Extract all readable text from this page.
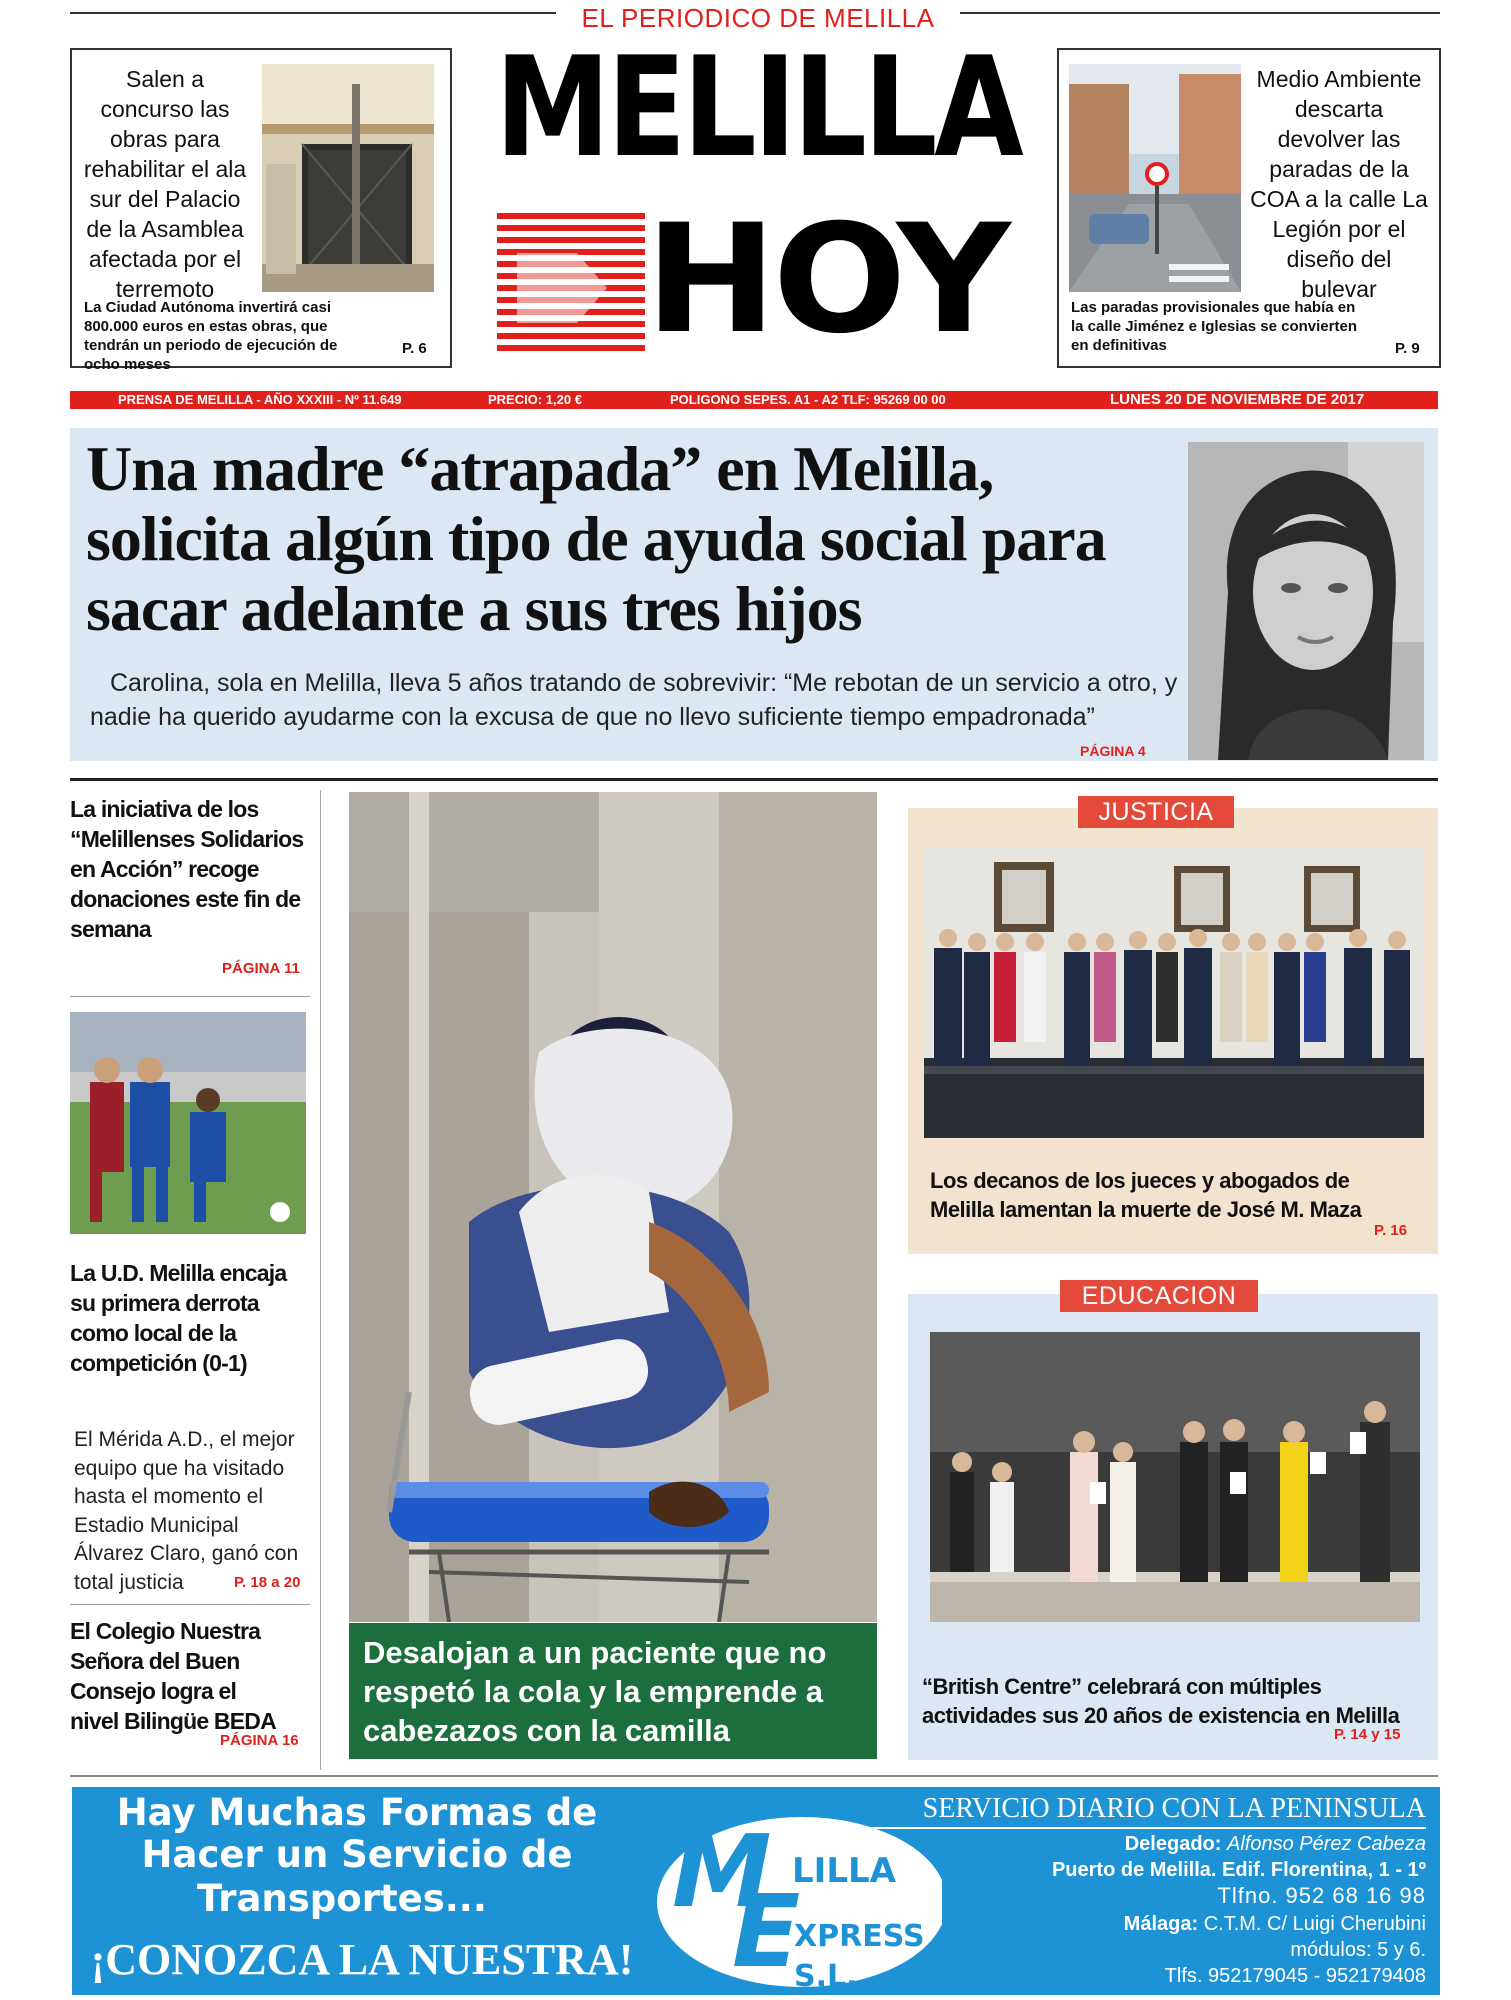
EL PERIODICO DE MELILLA
Salen a concurso las obras para rehabilitar el ala sur del Palacio de la Asamblea afectada por el terremoto
La Ciudad Autónoma invertirá casi 800.000 euros en estas obras, que tendrán un periodo de ejecución de ocho meses
P. 6
MELILLA
HOY
Medio Ambiente descarta devolver las paradas de la COA a la calle La Legión por el diseño del bulevar
Las paradas provisionales que había en la calle Jiménez e Iglesias se convierten en definitivas	P. 9
PRENSA DE MELILLA - AÑO XXXIII - Nº 11.649	PRECIO: 1,20 €	POLIGONO SEPES. A1 - A2 TLF: 95269 00 00	LUNES 20 DE NOVIEMBRE DE 2017
Una madre “atrapada” en Melilla, solicita algún tipo de ayuda social para sacar adelante a sus tres hijos
Carolina, sola en Melilla, lleva 5 años tratando de sobrevivir: “Me rebotan de un servicio a otro, y nadie ha querido ayudarme con la excusa de que no llevo suficiente tiempo empadronada”
PÁGINA 4
La iniciativa de los “Melillenses Solidarios en Acción” recoge donaciones este fin de semana
PÁGINA 11
La U.D. Melilla encaja su primera derrota como local de la competición (0-1)
El Mérida A.D., el mejor equipo que ha visitado hasta el momento el Estadio Municipal Álvarez Claro, ganó con total justicia	P. 18 a 20
El Colegio Nuestra Señora del Buen Consejo logra el nivel Bilingüe BEDA
PÁGINA 16
Desalojan a un paciente que no respetó la cola y la emprende a cabezazos con la camilla
JUSTICIA
Los decanos de los jueces y abogados de Melilla lamentan la muerte de José M. Maza
P. 16
EDUCACION
“British Centre” celebrará con múltiples actividades sus 20 años de existencia en Melilla
P. 14 y 15
Hay Muchas Formas de
Hacer un Servicio de
Transportes...
¡CONOZCA LA NUESTRA!
M
E
LILLA
XPRESS S.L.
SERVICIO DIARIO CON LA PENINSULA
Delegado: Alfonso Pérez Cabeza
Puerto de Melilla. Edif. Florentina, 1 - 1º
Tlfno. 952 68 16 98
Málaga: C.T.M. C/ Luigi Cherubini
módulos: 5 y 6.
Tlfs. 952179045 - 952179408
